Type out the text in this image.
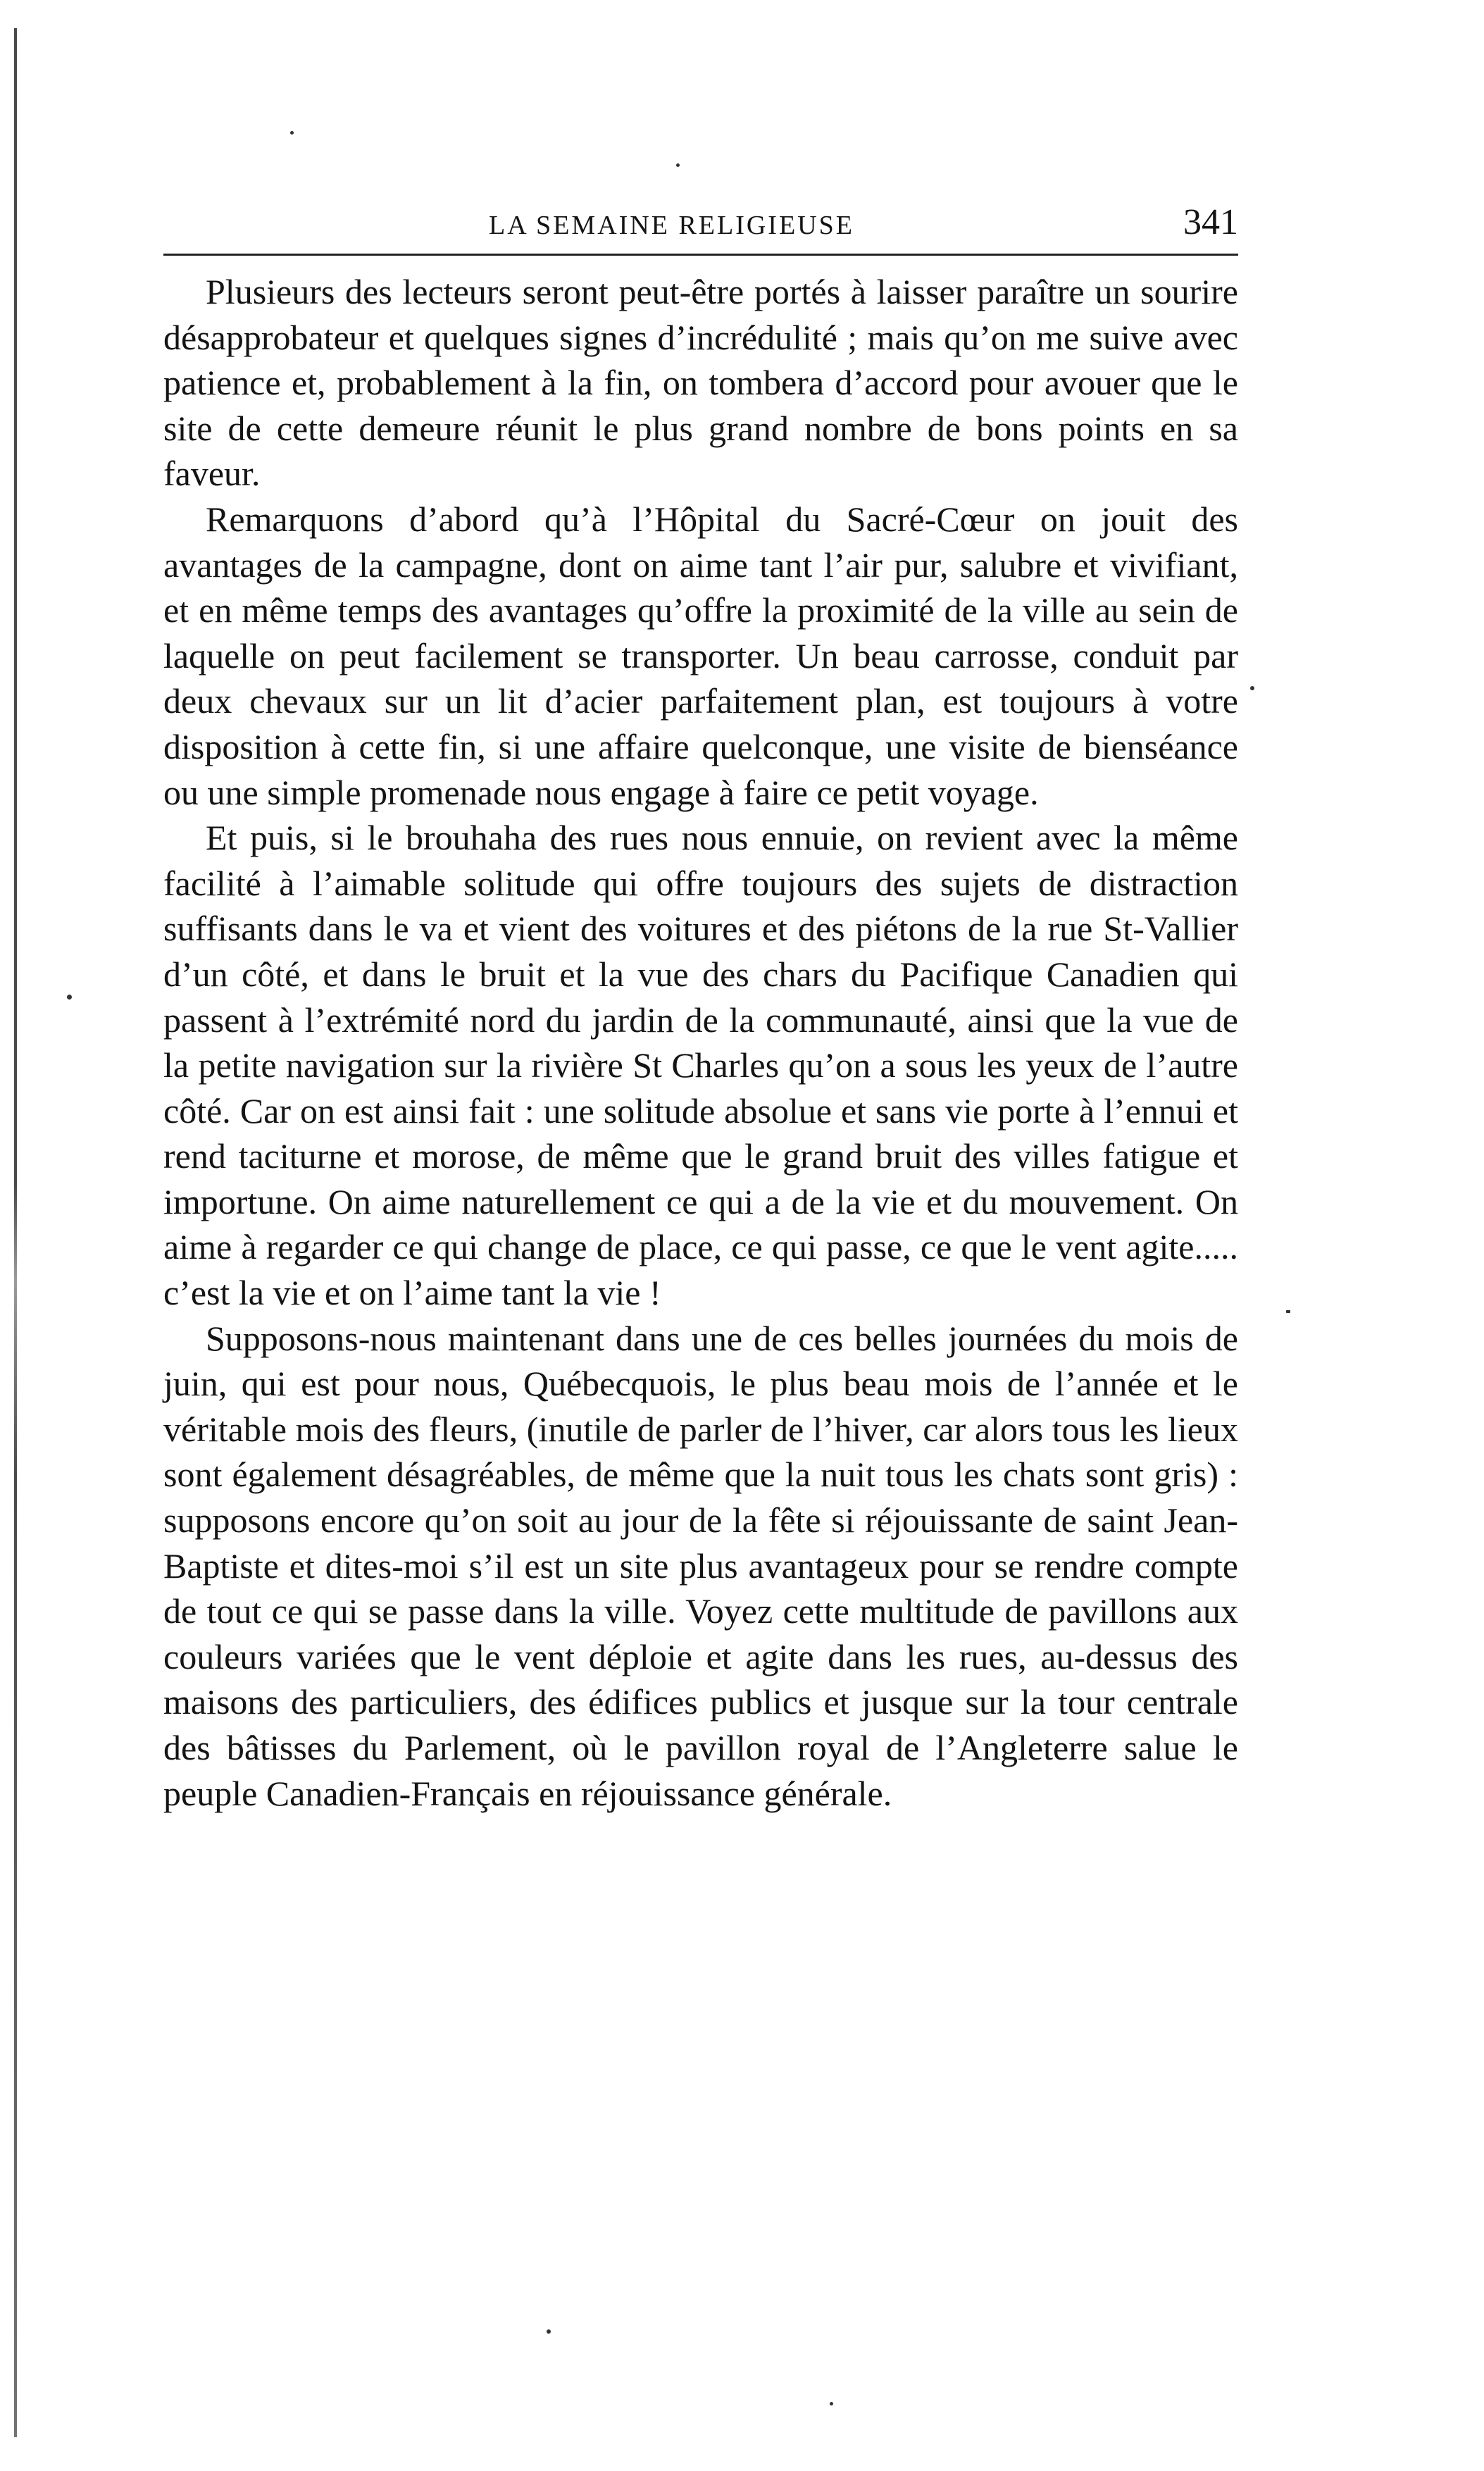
LA SEMAINE RELIGIEUSE	341

Plusieurs des lecteurs seront peut-être portés à laisser paraître un sourire désapprobateur et quelques signes d’incrédulité ; mais qu’on me suive avec patience et, probablement à la fin, on tombera d’accord pour avouer que le site de cette demeure réunit le plus grand nombre de bons points en sa faveur.

Remarquons d’abord qu’à l’Hôpital du Sacré-Cœur on jouit des avantages de la campagne, dont on aime tant l’air pur, salubre et vivifiant, et en même temps des avantages qu’offre la proximité de la ville au sein de laquelle on peut facilement se transporter. Un beau carrosse, conduit par deux chevaux sur un lit d’acier parfaitement plan, est toujours à votre disposition à cette fin, si une affaire quelconque, une visite de bienséance ou une simple promenade nous engage à faire ce petit voyage.

Et puis, si le brouhaha des rues nous ennuie, on revient avec la même facilité à l’aimable solitude qui offre toujours des sujets de distraction suffisants dans le va et vient des voitures et des piétons de la rue St-Vallier d’un côté, et dans le bruit et la vue des chars du Pacifique Canadien qui passent à l’extrémité nord du jardin de la communauté, ainsi que la vue de la petite navigation sur la rivière St Charles qu’on a sous les yeux de l’autre côté. Car on est ainsi fait : une solitude absolue et sans vie porte à l’ennui et rend taciturne et morose, de même que le grand bruit des villes fatigue et importune. On aime naturellement ce qui a de la vie et du mouvement. On aime à regarder ce qui change de place, ce qui passe, ce que le vent agite..... c’est la vie et on l’aime tant la vie !

Supposons-nous maintenant dans une de ces belles journées du mois de juin, qui est pour nous, Québecquois, le plus beau mois de l’année et le véritable mois des fleurs, (inutile de parler de l’hiver, car alors tous les lieux sont également désagréables, de même que la nuit tous les chats sont gris) : supposons encore qu’on soit au jour de la fête si réjouissante de saint Jean-Baptiste et dites-moi s’il est un site plus avantageux pour se rendre compte de tout ce qui se passe dans la ville. Voyez cette multitude de pavillons aux couleurs variées que le vent déploie et agite dans les rues, au-dessus des maisons des particuliers, des édifices publics et jusque sur la tour centrale des bâtisses du Parlement, où le pavillon royal de l’Angleterre salue le peuple Canadien-Français en réjouissance générale.
